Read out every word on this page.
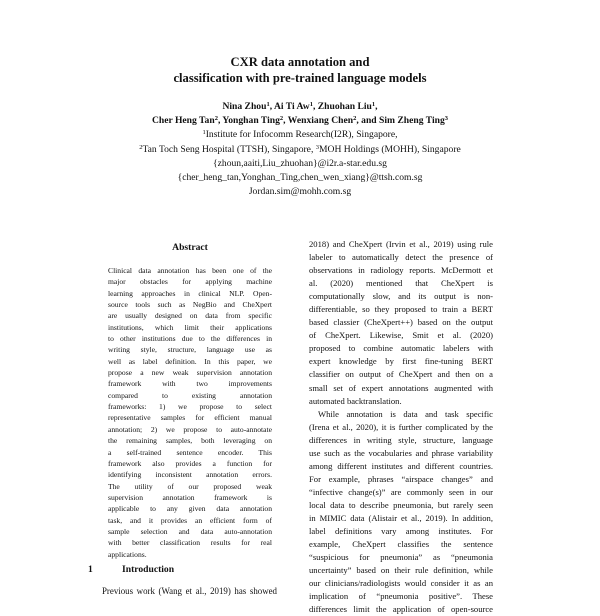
CXR data annotation and
classification with pre-trained language models
Nina Zhou$^1$, Ai Ti Aw$^1$, Zhuohan Liu$^1$,
Cher Heng Tan$^2$, Yonghan Ting$^2$, Wenxiang Chen$^2$, and Sim Zheng Ting$^3$
$^1$Institute for Infocomm Research(I2R), Singapore,
$^2$Tan Toch Seng Hospital (TTSH), Singapore, $^3$MOH Holdings (MOHH), Singapore
{zhoun,aaiti,Liu_zhuohan}@i2r.a-star.edu.sg
{cher_heng_tan,Yonghan_Ting,chen_wen_xiang}@ttsh.com.sg
Jordan.sim@mohh.com.sg
Abstract
Clinical data annotation has been one of the
major obstacles for applying machine
learning approaches in clinical NLP. Open-
source tools such as NegBio and CheXpert
are usually designed on data from specific
institutions, which limit their applications
to other institutions due to the differences in
writing style, structure, language use as
well as label definition. In this paper, we
propose a new weak supervision annotation
framework with two improvements
compared to existing annotation
frameworks: 1) we propose to select
representative samples for efficient manual
annotation; 2) we propose to auto-annotate
the remaining samples, both leveraging on
a self-trained sentence encoder. This
framework also provides a function for
identifying inconsistent annotation errors.
The utility of our proposed weak
supervision annotation framework is
applicable to any given data annotation
task, and it provides an efficient form of
sample selection and data auto-annotation
with better classification results for real
applications.
1	Introduction
Previous work (Wang et al., 2019) has showed
2018) and CheXpert (Irvin et al., 2019) using rule
labeler to automatically detect the presence of
observations in radiology reports. McDermott et
al. (2020) mentioned that CheXpert is
computationally slow, and its output is non-
differentiable, so they proposed to train a BERT
based classier (CheXpert++) based on the output
of CheXpert. Likewise, Smit et al. (2020)
proposed to combine automatic labelers with
expert knowledge by first fine-tuning BERT
classifier on output of CheXpert and then on a
small set of expert annotations augmented with
automated backtranslation.
While annotation is data and task specific
(Irena et al., 2020), it is further complicated by the
differences in writing style, structure, language
use such as the vocabularies and phrase variability
among different institutes and different countries.
For example, phrases “airspace changes” and
“infective change(s)” are commonly seen in our
local data to describe pneumonia, but rarely seen
in MIMIC data (Alistair et al., 2019). In addition,
label definitions vary among institutes. For
example, CheXpert classifies the sentence
“suspicious for pneumonia” as “pneumonia
uncertainty” based on their rule definition, while
our clinicians/radiologists would consider it as an
implication of “pneumonia positive”. These
differences limit the application of open-source
